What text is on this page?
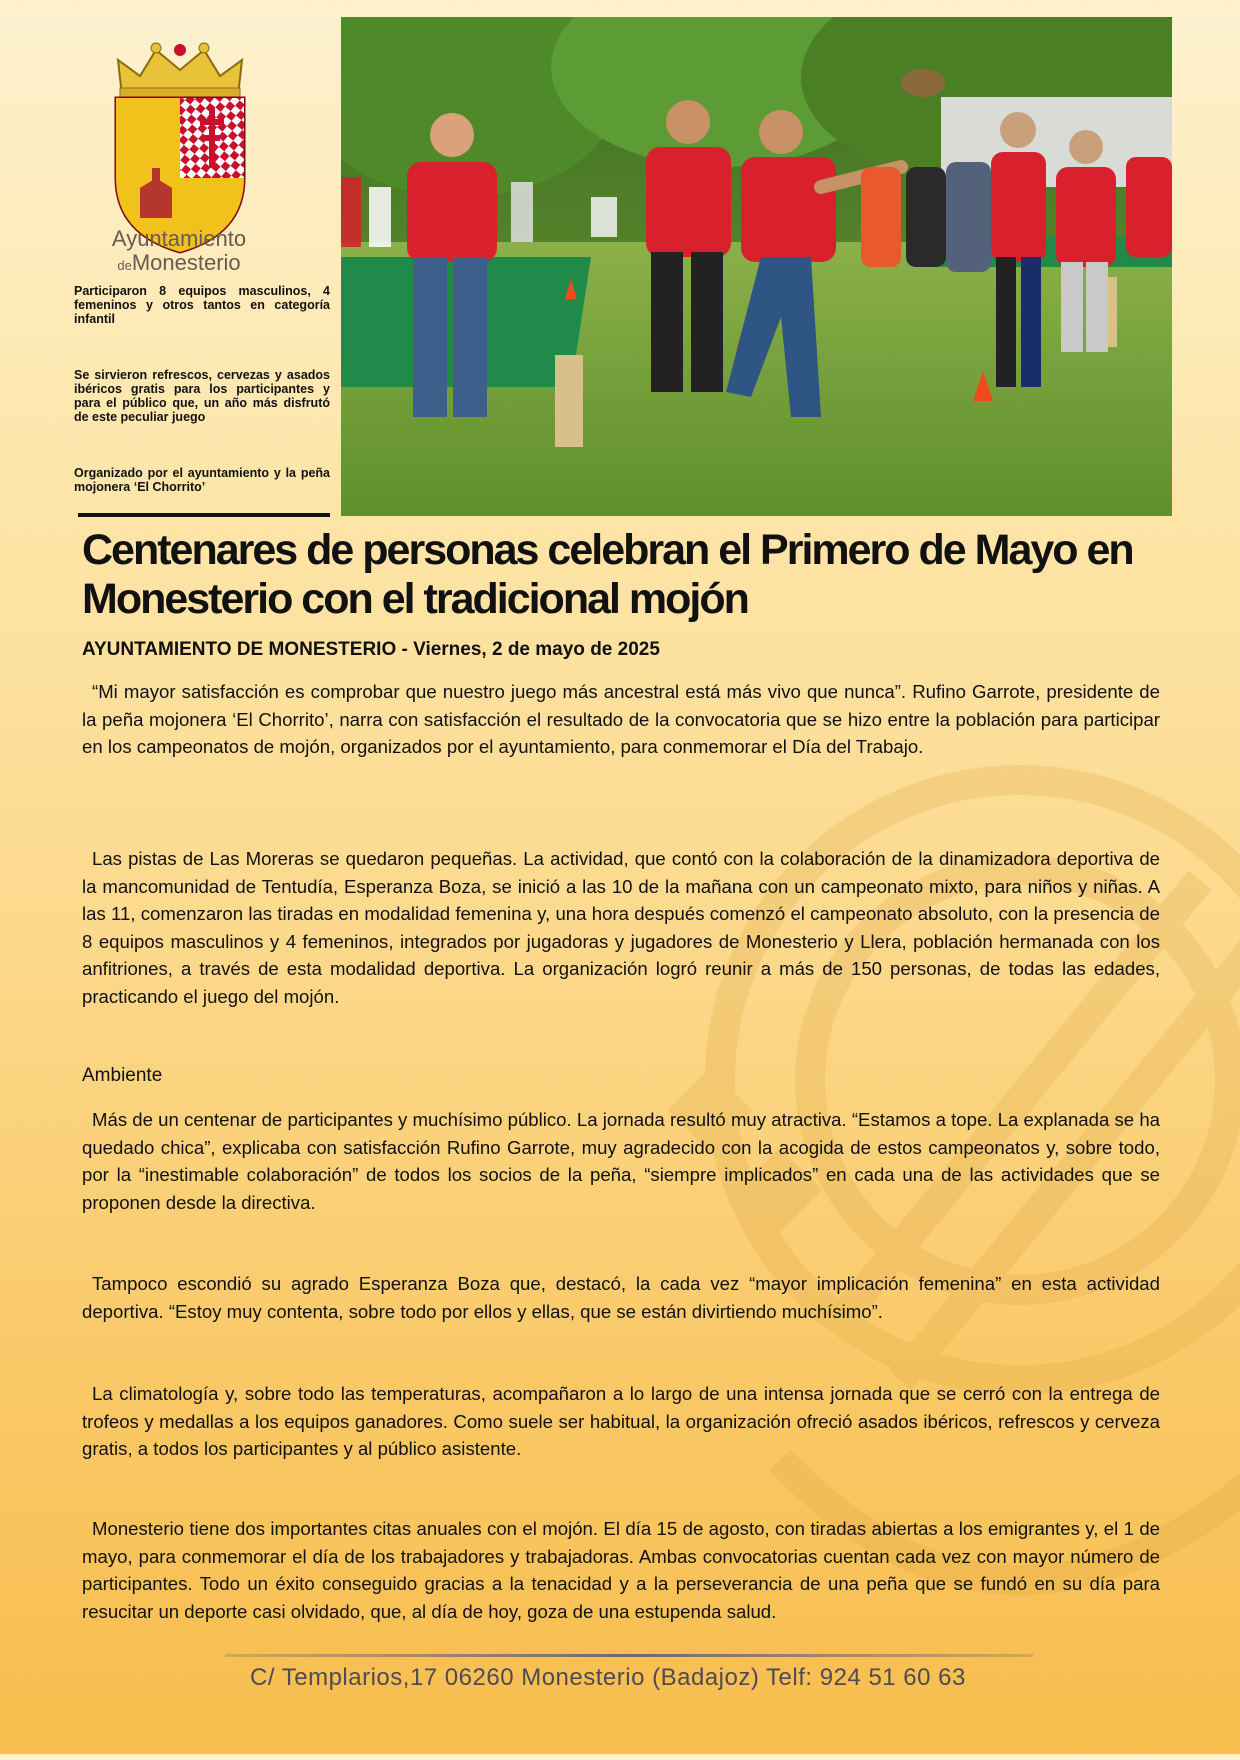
Ayuntamiento
deMonesterio
Participaron 8 equipos masculinos, 4 femeninos y otros tantos en categoría infantil
Se sirvieron refrescos, cervezas y asados ibéricos gratis para los participantes y para el público que, un año más disfrutó de este peculiar juego
Organizado por el ayuntamiento y la peña mojonera ‘El Chorrito’
Centenares de personas celebran el Primero de Mayo en Monesterio con el tradicional mojón
AYUNTAMIENTO DE MONESTERIO - Viernes, 2 de mayo de 2025

“Mi mayor satisfacción es comprobar que nuestro juego más ancestral está más vivo que nunca”. Rufino Garrote, presidente de la peña mojonera ‘El Chorrito’, narra con satisfacción el resultado de la convocatoria que se hizo entre la población para participar en los campeonatos de mojón, organizados por el ayuntamiento, para conmemorar el Día del Trabajo.

Las pistas de Las Moreras se quedaron pequeñas. La actividad, que contó con la colaboración de la dinamizadora deportiva de la mancomunidad de Tentudía, Esperanza Boza, se inició a las 10 de la mañana con un campeonato mixto, para niños y niñas. A las 11, comenzaron las tiradas en modalidad femenina y, una hora después comenzó el campeonato absoluto, con la presencia de 8 equipos masculinos y 4 femeninos, integrados por jugadoras y jugadores de Monesterio y Llera, población hermanada con los anfitriones, a través de esta modalidad deportiva. La organización logró reunir a más de 150 personas, de todas las edades, practicando el juego del mojón.

Ambiente

Más de un centenar de participantes y muchísimo público. La jornada resultó muy atractiva. “Estamos a tope. La explanada se ha quedado chica”, explicaba con satisfacción Rufino Garrote, muy agradecido con la acogida de estos campeonatos y, sobre todo, por la “inestimable colaboración” de todos los socios de la peña, “siempre implicados” en cada una de las actividades que se proponen desde la directiva.

Tampoco escondió su agrado Esperanza Boza que, destacó, la cada vez “mayor implicación femenina” en esta actividad deportiva. “Estoy muy contenta, sobre todo por ellos y ellas, que se están divirtiendo muchísimo”.

La climatología y, sobre todo las temperaturas, acompañaron a lo largo de una intensa jornada que se cerró con la entrega de trofeos y medallas a los equipos ganadores. Como suele ser habitual, la organización ofreció asados ibéricos, refrescos y cerveza gratis, a todos los participantes y al público asistente.

Monesterio tiene dos importantes citas anuales con el mojón. El día 15 de agosto, con tiradas abiertas a los emigrantes y, el 1 de mayo, para conmemorar el día de los trabajadores y trabajadoras. Ambas convocatorias cuentan cada vez con mayor número de participantes. Todo un éxito conseguido gracias a la tenacidad y a la perseverancia de una peña que se fundó en su día para resucitar un deporte casi olvidado, que, al día de hoy, goza de una estupenda salud.

C/ Templarios,17 06260 Monesterio (Badajoz) Telf: 924 51 60 63
